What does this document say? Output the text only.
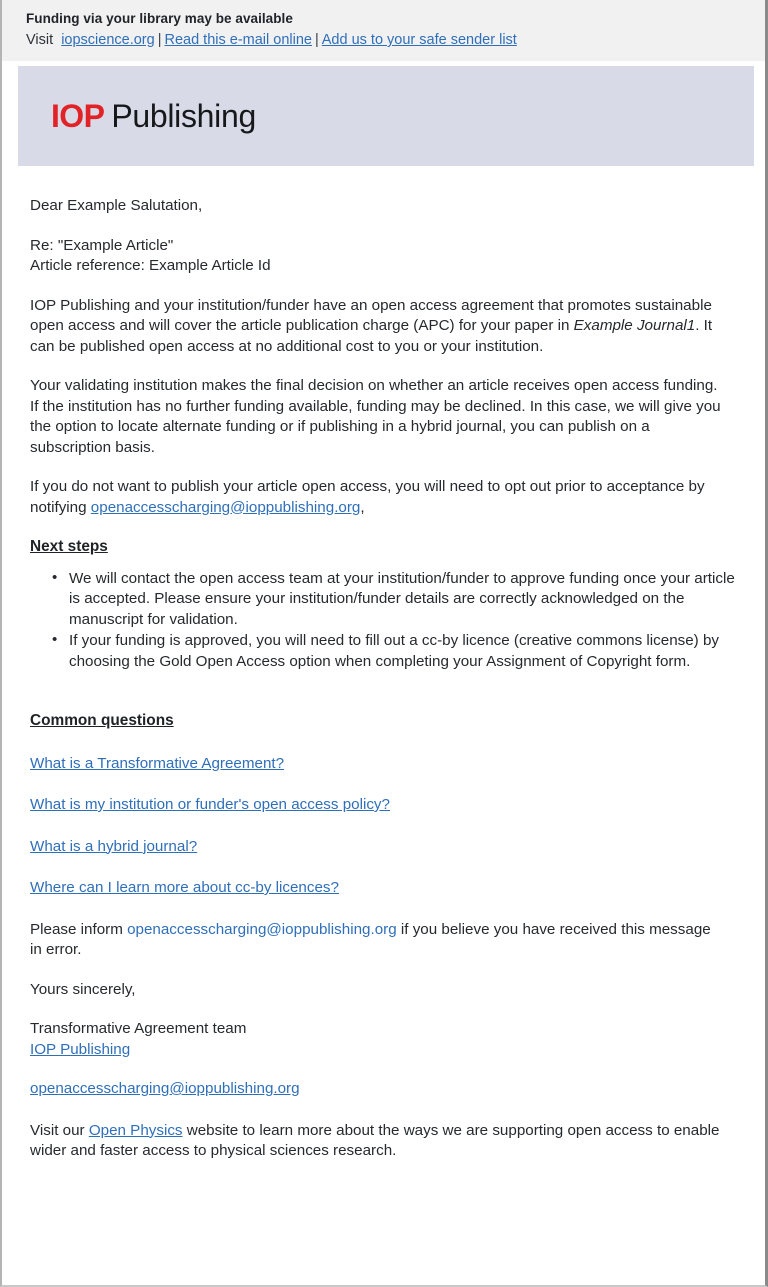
Funding via your library may be available
Visit iopscience.org | Read this e-mail online | Add us to your safe sender list
IOP Publishing

Dear Example Salutation,

Re: "Example Article"

Article reference: Example Article Id

IOP Publishing and your institution/funder have an open access agreement that promotes sustainable open access and will cover the article publication charge (APC) for your paper in Example Journal1. It can be published open access at no additional cost to you or your institution.

Your validating institution makes the final decision on whether an article receives open access funding. If the institution has no further funding available, funding may be declined. In this case, we will give you the option to locate alternate funding or if publishing in a hybrid journal, you can publish on a subscription basis.

If you do not want to publish your article open access, you will need to opt out prior to acceptance by notifying openaccesscharging@ioppublishing.org,

Next steps
• We will contact the open access team at your institution/funder to approve funding once your article is accepted. Please ensure your institution/funder details are correctly acknowledged on the manuscript for validation.
• If your funding is approved, you will need to fill out a cc-by licence (creative commons license) by choosing the Gold Open Access option when completing your Assignment of Copyright form.
Common questions
What is a Transformative Agreement?
What is my institution or funder's open access policy?
What is a hybrid journal?
Where can I learn more about cc-by licences?

Please inform openaccesscharging@ioppublishing.org if you believe you have received this message in error.

Yours sincerely,

Transformative Agreement team

IOP Publishing

openaccesscharging@ioppublishing.org

Visit our Open Physics website to learn more about the ways we are supporting open access to enable wider and faster access to physical sciences research.
